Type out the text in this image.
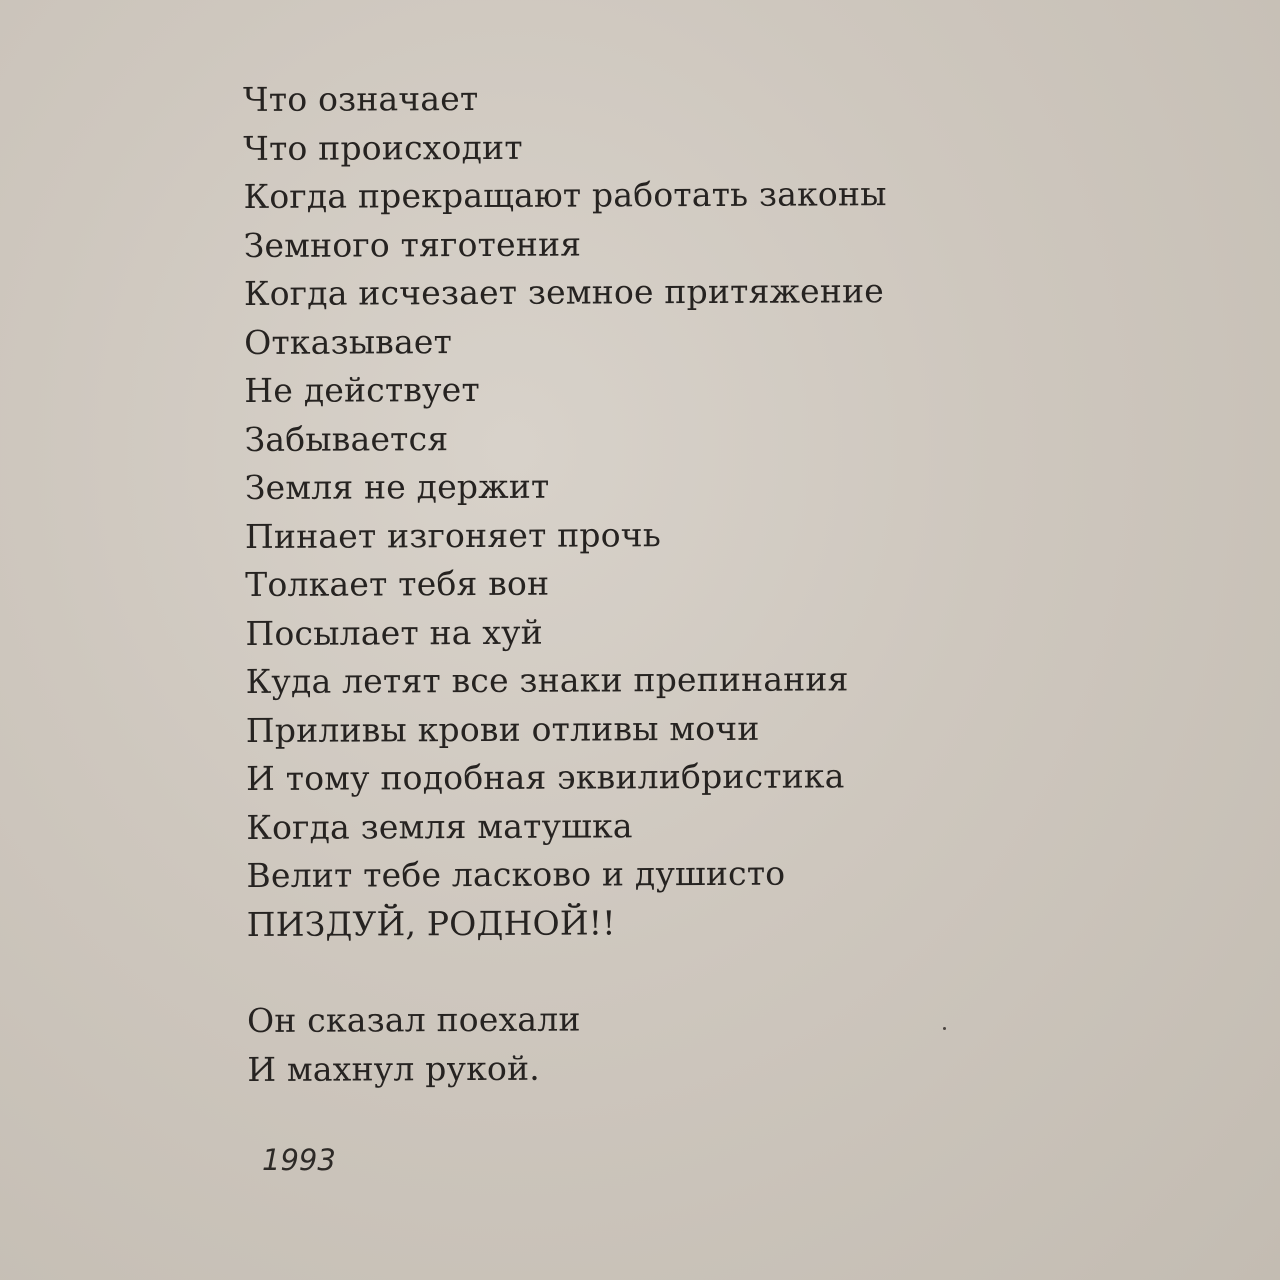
Что означает
Что происходит
Когда прекращают работать законы
Земного тяготения
Когда исчезает земное притяжение
Отказывает
Не действует
Забывается
Земля не держит
Пинает изгоняет прочь
Толкает тебя вон
Посылает на хуй
Куда летят все знаки препинания
Приливы крови отливы мочи
И тому подобная эквилибристика
Когда земля матушка
Велит тебе ласково и душисто
ПИЗДУЙ, РОДНОЙ!!
Он сказал поехали
И махнул рукой.
1993
